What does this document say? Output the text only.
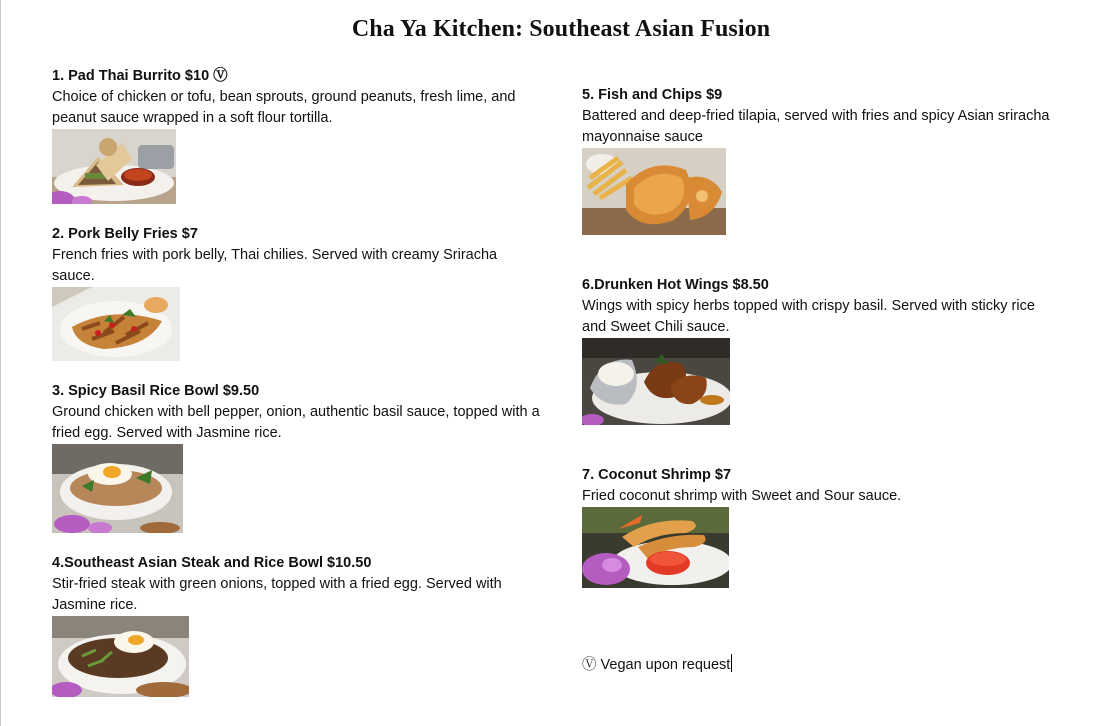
Cha Ya Kitchen: Southeast Asian Fusion
1. Pad Thai Burrito $10 Ⓥ
Choice of chicken or tofu, bean sprouts, ground peanuts, fresh lime, and peanut sauce wrapped in a soft flour tortilla.
2. Pork Belly Fries $7
French fries with pork belly, Thai chilies. Served with creamy Sriracha sauce.
3. Spicy Basil Rice Bowl $9.50
Ground chicken with bell pepper, onion, authentic basil sauce, topped with a fried egg. Served with Jasmine rice.
4.Southeast Asian Steak and Rice Bowl $10.50
Stir-fried steak with green onions, topped with a fried egg. Served with Jasmine rice.
5. Fish and Chips $9
Battered and deep-fried tilapia, served with fries and spicy Asian sriracha mayonnaise sauce
6.Drunken Hot Wings $8.50
Wings with spicy herbs topped with crispy basil. Served with sticky rice and Sweet Chili sauce.
7. Coconut Shrimp $7
Fried coconut shrimp with Sweet and Sour sauce.
Ⓥ Vegan upon request
